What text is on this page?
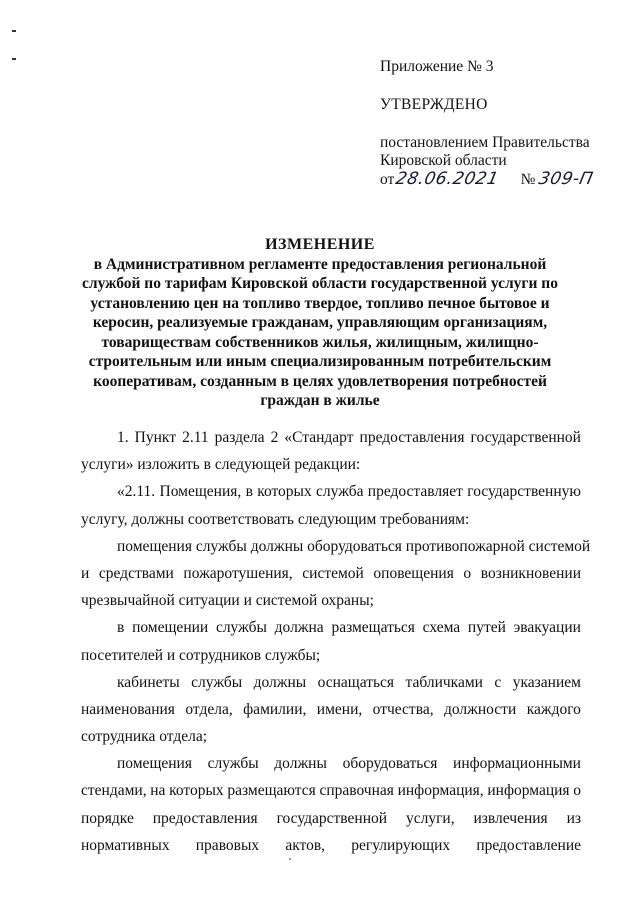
Приложение № 3
УТВЕРЖДЕНО
постановлением Правительства
Кировской области
от28.06.2021 № 309-П
ИЗМЕНЕНИЕ
в Административном регламенте предоставления региональной
службой по тарифам Кировской области государственной услуги по
установлению цен на топливо твердое, топливо печное бытовое и
керосин, реализуемые гражданам, управляющим организациям,
товариществам собственников жилья, жилищным, жилищно-
строительным или иным специализированным потребительским
кооперативам, созданным в целях удовлетворения потребностей
граждан в жилье
1. Пункт 2.11 раздела 2 «Стандарт предоставления государственной
услуги» изложить в следующей редакции:
«2.11. Помещения, в которых служба предоставляет государственную
услугу, должны соответствовать следующим требованиям:
помещения службы должны оборудоваться противопожарной системой
и средствами пожаротушения, системой оповещения о возникновении
чрезвычайной ситуации и системой охраны;
в помещении службы должна размещаться схема путей эвакуации
посетителей и сотрудников службы;
кабинеты службы должны оснащаться табличками с указанием
наименования отдела, фамилии, имени, отчества, должности каждого
сотрудника отдела;
помещения службы должны оборудоваться информационными
стендами, на которых размещаются справочная информация, информация о
порядке предоставления государственной услуги, извлечения из
нормативных правовых актов, регулирующих предоставление
